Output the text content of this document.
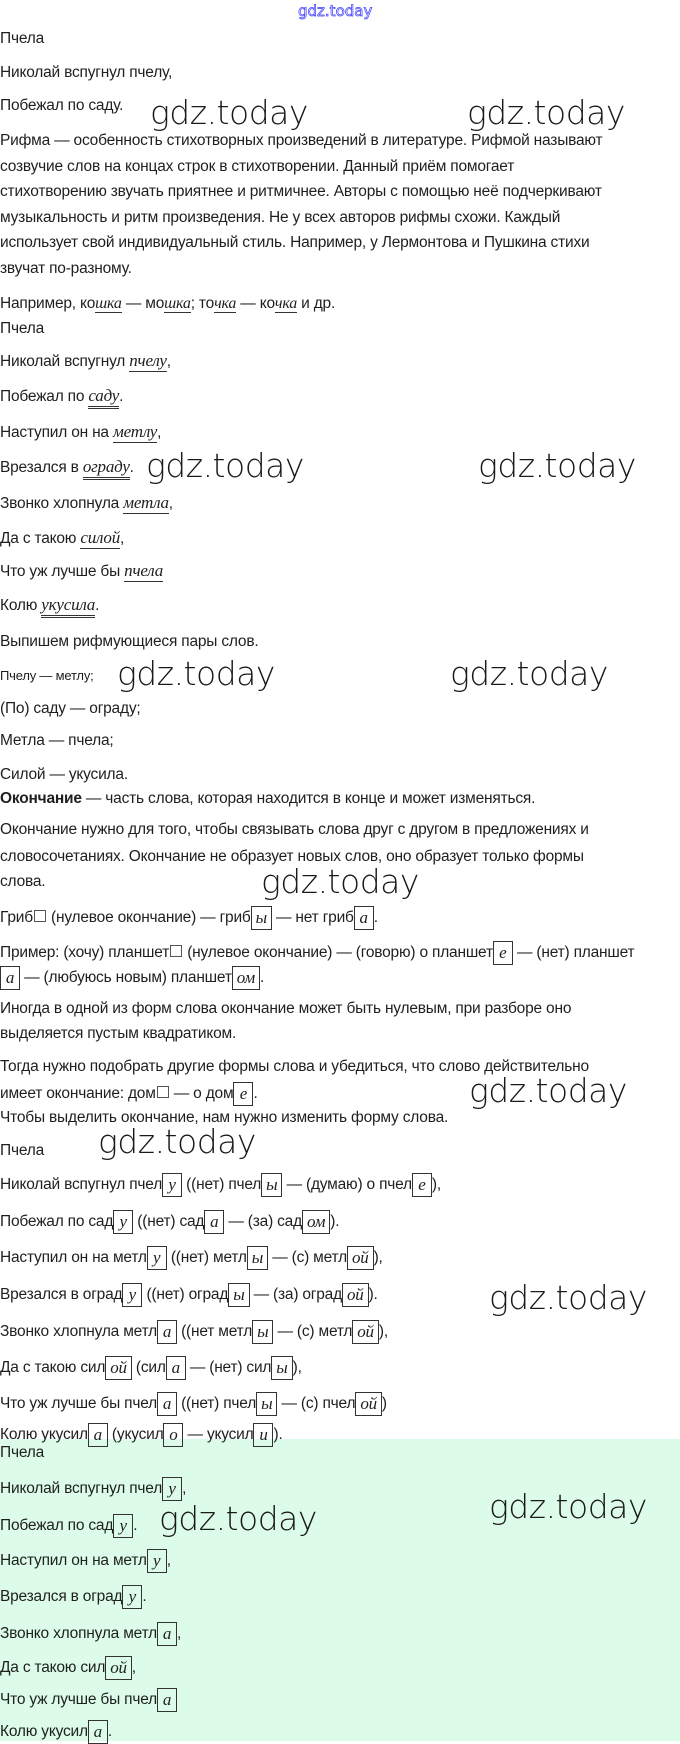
gdz.today
Пчела
Николай вспугнул пчелу,
Побежал по саду.
Рифма — особенность стихотворных произведений в литературе. Рифмой называют
созвучие слов на концах строк в стихотворении. Данный приём помогает
стихотворению звучать приятнее и ритмичнее. Авторы с помощью неё подчеркивают
музыкальность и ритм произведения. Не у всех авторов рифмы схожи. Каждый
использует свой индивидуальный стиль. Например, у Лермонтова и Пушкина стихи
звучат по-разному.
Например, кошка — мошка; точка — кочка и др.
Пчела
Николай вспугнул пчелу,
Побежал по саду.
Наступил он на метлу,
Врезался в ограду.
Звонко хлопнула метла,
Да с такою силой,
Что уж лучше бы пчела
Колю укусила.
Выпишем рифмующиеся пары слов.
Пчелу — метлу;
(По) саду — ограду;
Метла — пчела;
Силой — укусила.
Окончание — часть слова, которая находится в конце и может изменяться.
Окончание нужно для того, чтобы связывать слова друг с другом в предложениях и
словосочетаниях. Окончание не образует новых слов, оно образует только формы
слова.
Гриб (нулевое окончание) — гриб ы — нет гриб а .
Пример: (хочу) планшет (нулевое окончание) — (говорю) о планшет е — (нет) планшет
а — (любуюсь новым) планшет ом .
Иногда в одной из форм слова окончание может быть нулевым, при разборе оно
выделяется пустым квадратиком.
Тогда нужно подобрать другие формы слова и убедиться, что слово действительно
имеет окончание: дом — о дом е .
Чтобы выделить окончание, нам нужно изменить форму слова.
Пчела
Николай вспугнул пчел у ((нет) пчел ы — (думаю) о пчел е ),
Побежал по сад у ((нет) сад а — (за) сад ом ).
Наступил он на метл у ((нет) метл ы — (с) метл ой ),
Врезался в оград у ((нет) оград ы — (за) оград ой ).
Звонко хлопнула метл а ((нет метл ы — (с) метл ой ),
Да с такою сил ой (сил а — (нет) сил ы ),
Что уж лучше бы пчел а ((нет) пчел ы — (с) пчел ой )
Колю укусил а (укусил о — укусил и ).
Пчела
Николай вспугнул пчел у ,
Побежал по сад у .
Наступил он на метл у ,
Врезался в оград у .
Звонко хлопнула метл а ,
Да с такою сил ой ,
Что уж лучше бы пчел а
Колю укусил а .
gdz.today	gdz.today
gdz.today	gdz.today
gdz.today	gdz.today
gdz.today
gdz.today
gdz.today
gdz.today
gdz.today	gdz.today
